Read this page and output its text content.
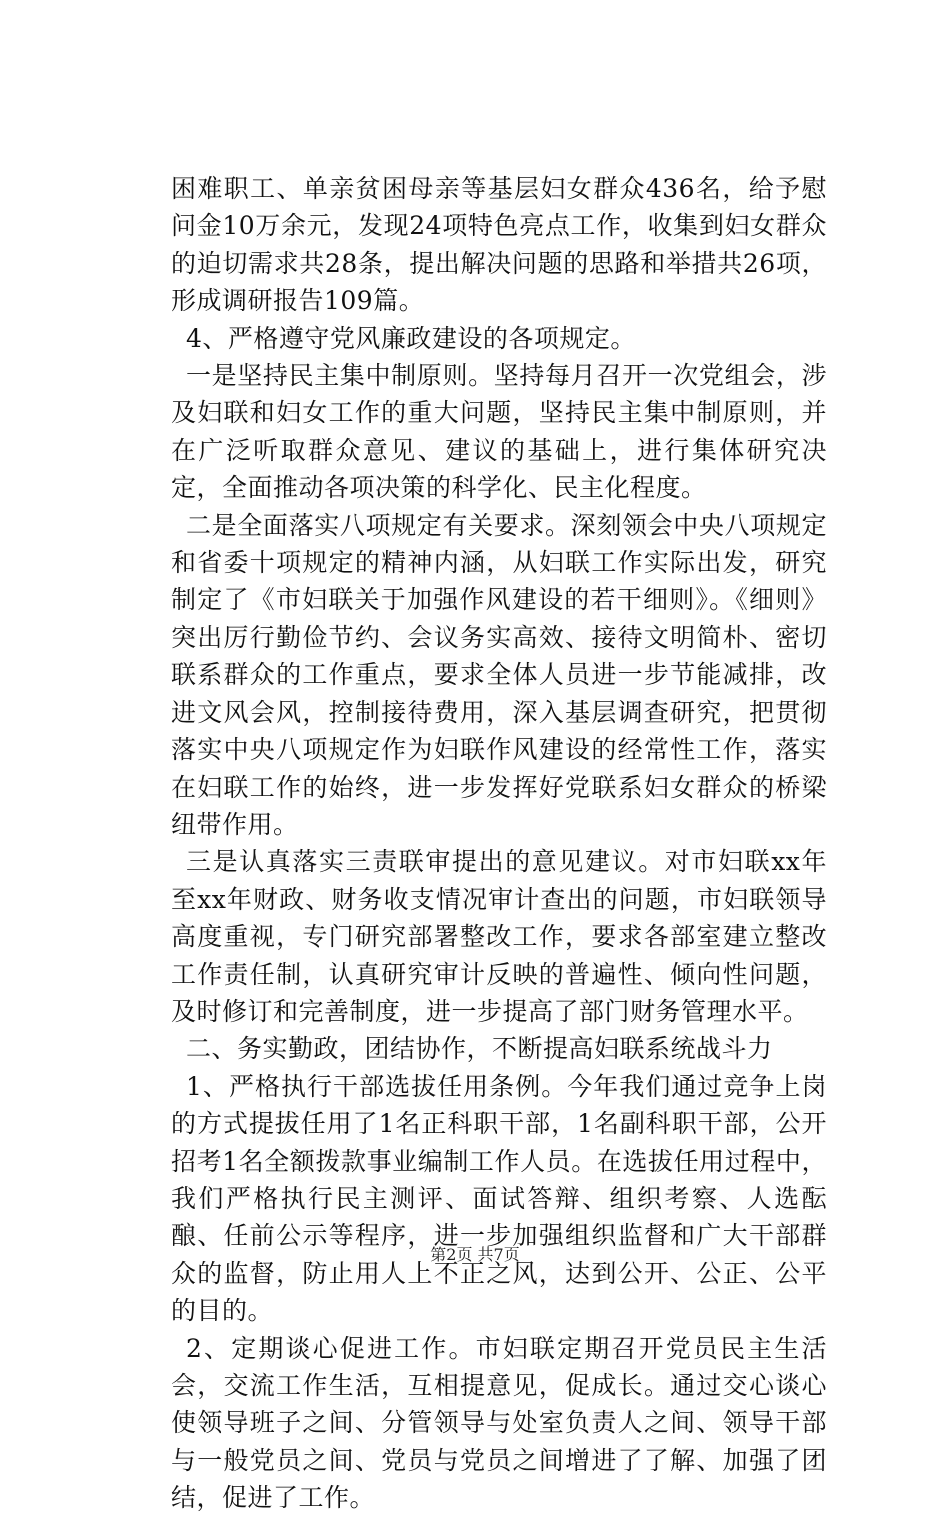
困难职工、单亲贫困母亲等基层妇女群众436名，给予慰问金10万余元，发现24项特色亮点工作，收集到妇女群众的迫切需求共28条，提出解决问题的思路和举措共26项，形成调研报告109篇。

4、严格遵守党风廉政建设的各项规定。

一是坚持民主集中制原则。坚持每月召开一次党组会，涉及妇联和妇女工作的重大问题，坚持民主集中制原则，并在广泛听取群众意见、建议的基础上，进行集体研究决定，全面推动各项决策的科学化、民主化程度。

二是全面落实八项规定有关要求。深刻领会中央八项规定和省委十项规定的精神内涵，从妇联工作实际出发，研究制定了《市妇联关于加强作风建设的若干细则》。《细则》突出厉行勤俭节约、会议务实高效、接待文明简朴、密切联系群众的工作重点，要求全体人员进一步节能减排，改进文风会风，控制接待费用，深入基层调查研究，把贯彻落实中央八项规定作为妇联作风建设的经常性工作，落实在妇联工作的始终，进一步发挥好党联系妇女群众的桥梁纽带作用。

三是认真落实三责联审提出的意见建议。对市妇联xx年至xx年财政、财务收支情况审计查出的问题，市妇联领导高度重视，专门研究部署整改工作，要求各部室建立整改工作责任制，认真研究审计反映的普遍性、倾向性问题，及时修订和完善制度，进一步提高了部门财务管理水平。

二、务实勤政，团结协作，不断提高妇联系统战斗力

1、严格执行干部选拔任用条例。今年我们通过竞争上岗的方式提拔任用了1名正科职干部，1名副科职干部，公开招考1名全额拨款事业编制工作人员。在选拔任用过程中，我们严格执行民主测评、面试答辩、组织考察、人选酝酿、任前公示等程序，进一步加强组织监督和广大干部群众的监督，防止用人上不正之风，达到公开、公正、公平的目的。

2、定期谈心促进工作。市妇联定期召开党员民主生活会，交流工作生活，互相提意见，促成长。通过交心谈心使领导班子之间、分管领导与处室负责人之间、领导干部与一般党员之间、党员与党员之间增进了了解、加强了团结，促进了工作。

第2页 共7页
